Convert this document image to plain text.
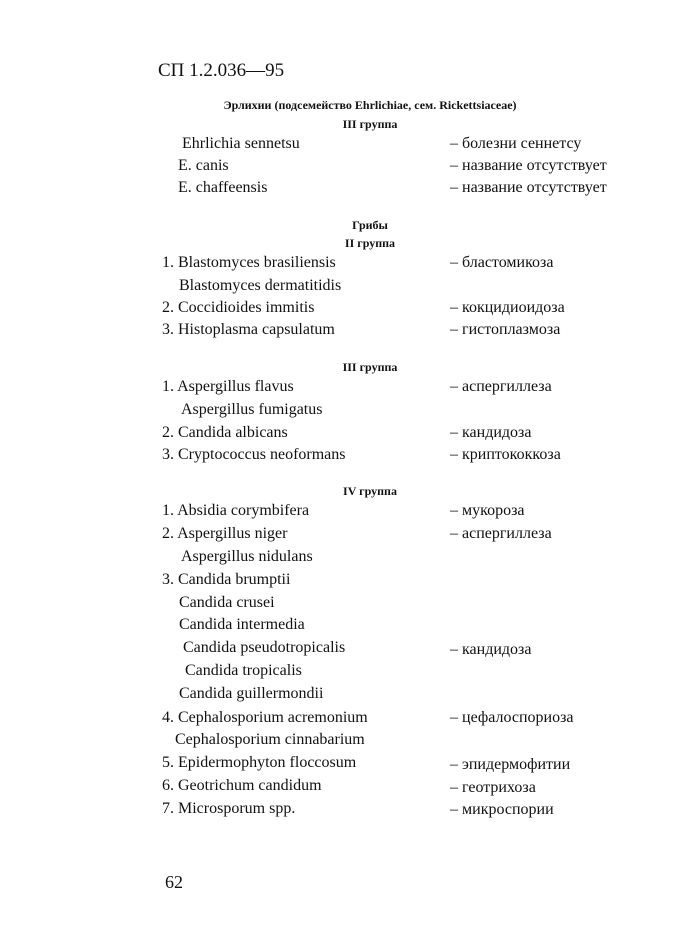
СП 1.2.036—95
Эрлихии (подсемейство Ehrlichiae, сем. Rickettsiaceae)
III группа
Ehrlichia sennetsu	– болезни сеннетсу
E. canis	– название отсутствует
E. chaffeensis	– название отсутствует
Грибы
II группа
1. Blastomyces brasiliensis	– бластомикоза
Blastomyces dermatitidis
2. Coccidioides immitis	– кокцидиоидоза
3. Histoplasma capsulatum	– гистоплазмоза
III группа
1. Aspergillus flavus	– аспергиллеза
Aspergillus fumigatus
2. Candida albicans	– кандидоза
3. Cryptococcus neoformans	– криптококкоза
IV группа
1. Absidia corymbifera	– мукороза
2. Aspergillus niger	– аспергиллеза
Aspergillus nidulans
3. Candida brumptii
Candida crusei
Candida intermedia
Candida pseudotropicalis	– кандидоза
Candida tropicalis
Candida guillermondii
4. Cephalosporium acremonium	– цефалоспориоза
Cephalosporium cinnabarium
5. Epidermophyton floccosum	– эпидермофитии
6. Geotrichum candidum	– геотрихоза
7. Microsporum spp.	– микроспории
62
